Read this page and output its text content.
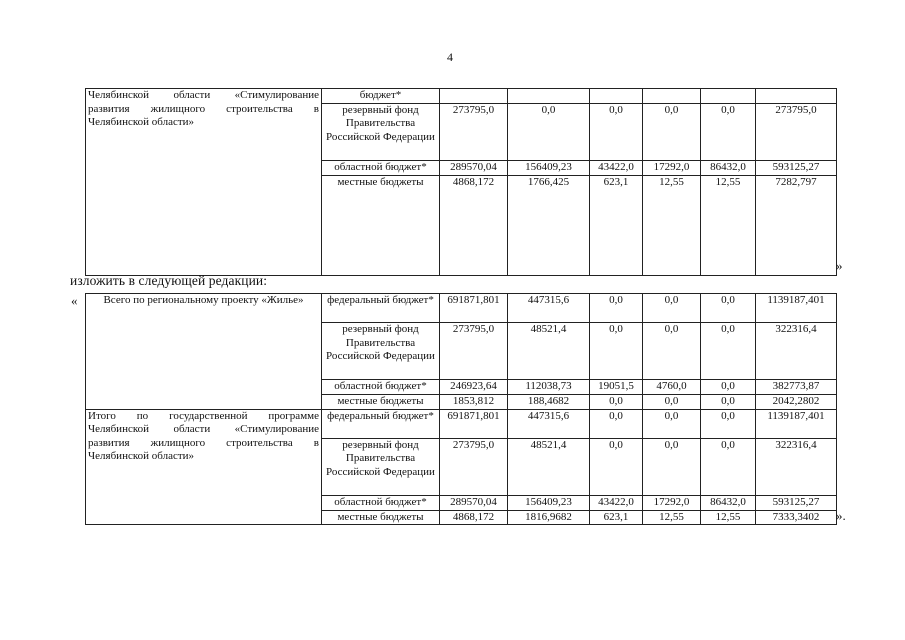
4
Челябинской области «Стимулирование развития жилищного строительства в Челябинской области»	бюджет*						
	резервный фонд Правительства Российской Федерации	273795,0	0,0	0,0	0,0	0,0	273795,0
	областной бюджет*	289570,04	156409,23	43422,0	17292,0	86432,0	593125,27
	местные бюджеты	4868,172	1766,425	623,1	12,55	12,55	7282,797
»
изложить в следующей редакции:
« Всего по региональному проекту «Жилье»	федеральный бюджет*	691871,801	447315,6	0,0	0,0	0,0	1139187,401
	резервный фонд Правительства Российской Федерации	273795,0	48521,4	0,0	0,0	0,0	322316,4
	областной бюджет*	246923,64	112038,73	19051,5	4760,0	0,0	382773,87
	местные бюджеты	1853,812	188,4682	0,0	0,0	0,0	2042,2802
Итого по государственной программе Челябинской области «Стимулирование развития жилищного строительства в Челябинской области»	федеральный бюджет*	691871,801	447315,6	0,0	0,0	0,0	1139187,401
	резервный фонд Правительства Российской Федерации	273795,0	48521,4	0,0	0,0	0,0	322316,4
	областной бюджет*	289570,04	156409,23	43422,0	17292,0	86432,0	593125,27
	местные бюджеты	4868,172	1816,9682	623,1	12,55	12,55	7333,3402 ».
